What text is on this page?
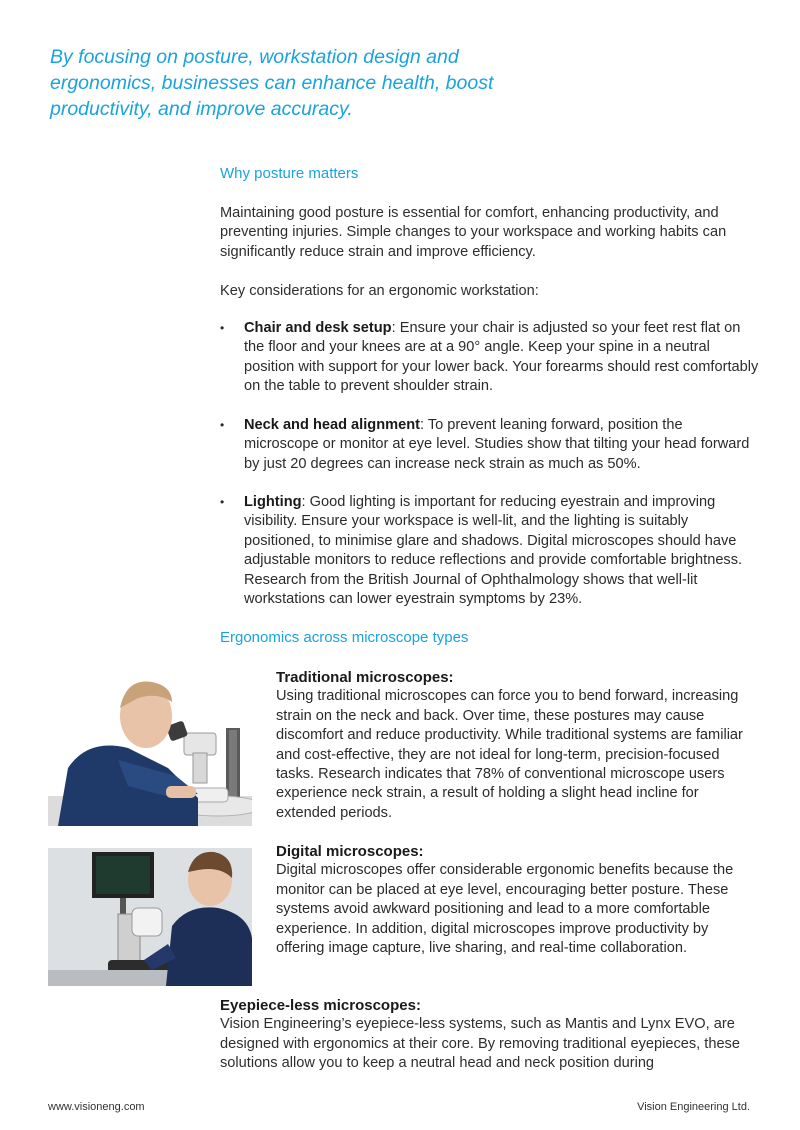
By focusing on posture, workstation design and ergonomics, businesses can enhance health, boost productivity, and improve accuracy.
Why posture matters

Maintaining good posture is essential for comfort, enhancing productivity, and preventing injuries. Simple changes to your workspace and working habits can significantly reduce strain and improve efficiency.

Key considerations for an ergonomic workstation:

• Chair and desk setup: Ensure your chair is adjusted so your feet rest flat on the floor and your knees are at a 90° angle. Keep your spine in a neutral position with support for your lower back. Your forearms should rest comfortably on the table to prevent shoulder strain.
• Neck and head alignment: To prevent leaning forward, position the microscope or monitor at eye level. Studies show that tilting your head forward by just 20 degrees can increase neck strain as much as 50%.
• Lighting: Good lighting is important for reducing eyestrain and improving visibility. Ensure your workspace is well-lit, and the lighting is suitably positioned, to minimise glare and shadows. Digital microscopes should have adjustable monitors to reduce reflections and provide comfortable brightness. Research from the British Journal of Ophthalmology shows that well-lit workstations can lower eyestrain symptoms by 23%.
Ergonomics across microscope types
Traditional microscopes:
Using traditional microscopes can force you to bend forward, increasing strain on the neck and back. Over time, these postures may cause discomfort and reduce productivity. While traditional systems are familiar and cost-effective, they are not ideal for long-term, precision-focused tasks. Research indicates that 78% of conventional microscope users experience neck strain, a result of holding a slight head incline for extended periods.
Digital microscopes:
Digital microscopes offer considerable ergonomic benefits because the monitor can be placed at eye level, encouraging better posture. These systems avoid awkward positioning and lead to a more comfortable experience. In addition, digital microscopes improve productivity by offering image capture, live sharing, and real-time collaboration.
Eyepiece-less microscopes:
Vision Engineering’s eyepiece-less systems, such as Mantis and Lynx EVO, are designed with ergonomics at their core. By removing traditional eyepieces, these solutions allow you to keep a neutral head and neck position during
www.visioneng.com	Vision Engineering Ltd.
